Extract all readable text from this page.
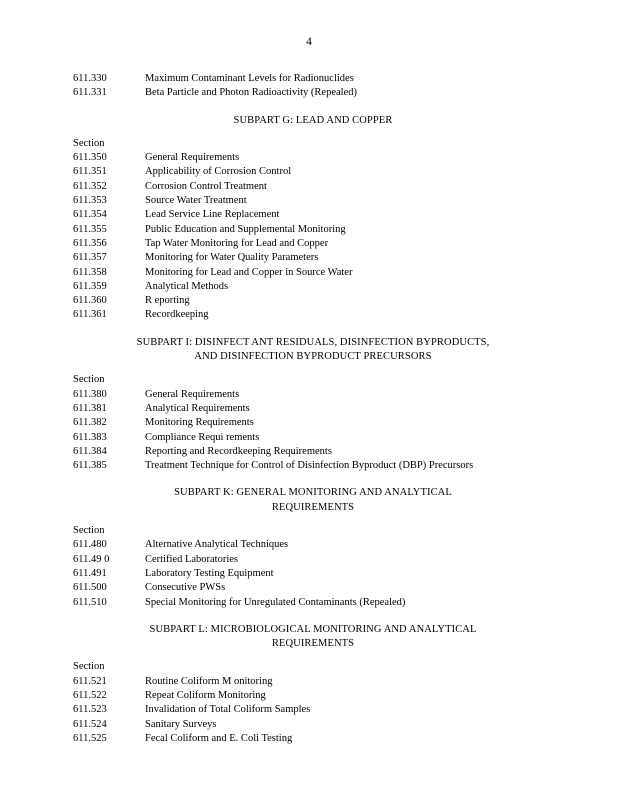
4
611.330	Maximum Contaminant Levels for Radionuclides
611.331	Beta Particle and Photon Radioactivity (Repealed)
SUBPART G: LEAD AND COPPER
Section
611.350	General Requirements
611.351	Applicability of Corrosion Control
611.352	Corrosion Control Treatment
611.353	Source Water Treatment
611.354	Lead Service Line Replacement
611.355	Public Education and Supplemental Monitoring
611.356	Tap Water Monitoring for Lead and Copper
611.357	Monitoring for Water Quality Parameters
611.358	Monitoring for Lead and Copper in Source Water
611.359	Analytical Methods
611.360	R eporting
611.361	Recordkeeping
SUBPART I: DISINFECT ANT RESIDUALS, DISINFECTION BYPRODUCTS,
AND DISINFECTION BYPRODUCT PRECURSORS
Section
611.380	General Requirements
611.381	Analytical Requirements
611.382	Monitoring Requirements
611.383	Compliance Requi rements
611.384	Reporting and Recordkeeping Requirements
611.385	Treatment Technique for Control of Disinfection Byproduct (DBP) Precursors
SUBPART K: GENERAL MONITORING AND ANALYTICAL
REQUIREMENTS
Section
611.480	Alternative Analytical Techniques
611.49 0	Certified Laboratories
611.491	Laboratory Testing Equipment
611.500	Consecutive PWSs
611.510	Special Monitoring for Unregulated Contaminants (Repealed)
SUBPART L: MICROBIOLOGICAL MONITORING AND ANALYTICAL
REQUIREMENTS
Section
611.521	Routine Coliform M onitoring
611.522	Repeat Coliform Monitoring
611.523	Invalidation of Total Coliform Samples
611.524	Sanitary Surveys
611.525	Fecal Coliform and E. Coli Testing
